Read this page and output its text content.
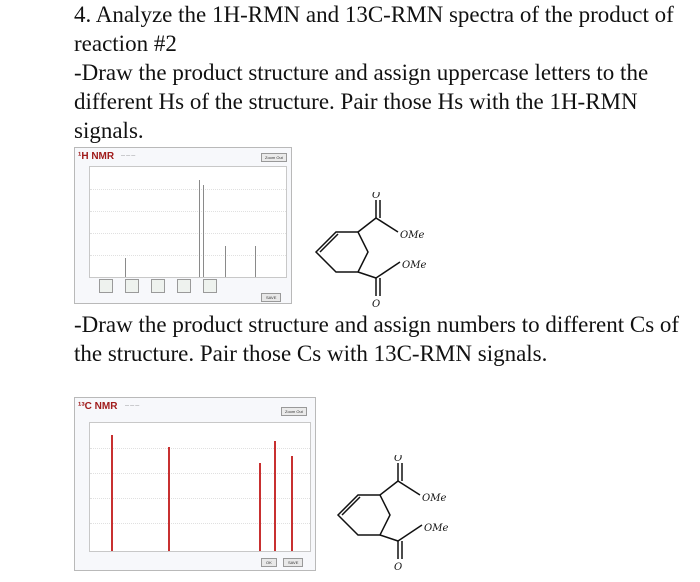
4. Analyze the 1H-RMN and 13C-RMN spectra of the product of reaction #2

-Draw the product structure and assign uppercase letters to the different Hs of the structure. Pair those Hs with the 1H-RMN signals.

¹H NMR — — —
Zoom Out
SAVE
O
OMe
OMe
O

-Draw the product structure and assign numbers to different Cs of the structure. Pair those Cs with 13C-RMN signals.

¹³C NMR — — —
Zoom Out
OK	SAVE
O
OMe
OMe
O
